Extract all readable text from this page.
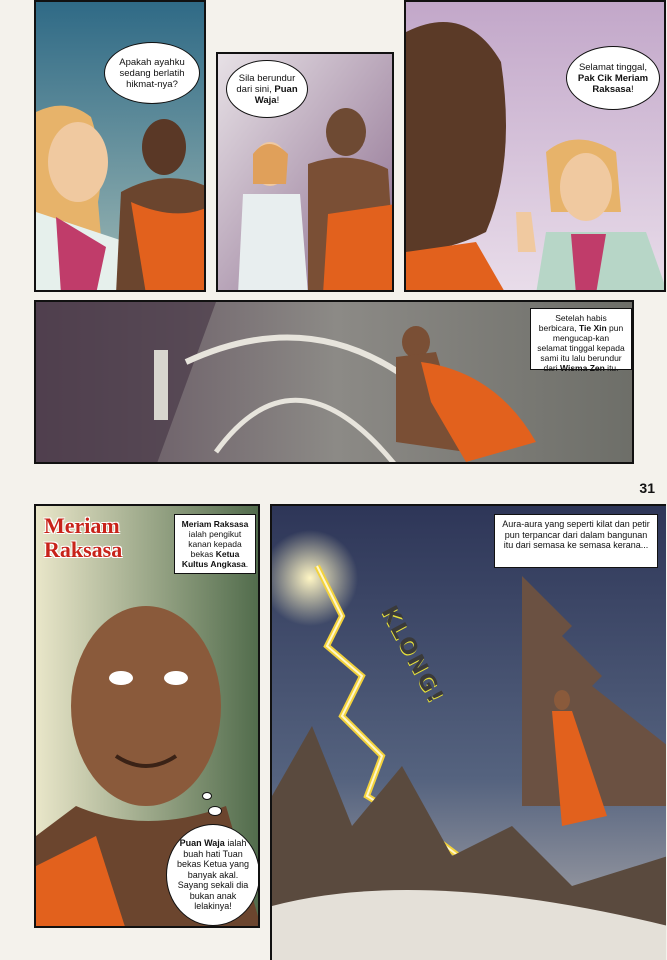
Apakah ayahku sedang berlatih hikmat-nya?
Sila berundur dari sini, Puan Waja!
Selamat tinggal, Pak Cik Meriam Raksasa!
Setelah habis berbicara, Tie Xin pun mengucap-kan selamat tinggal kepada sami itu lalu berundur dari Wisma Zen itu.
31
Meriam
Raksasa
Meriam Raksasa ialah pengikut kanan kepada bekas Ketua Kultus Angkasa.
Puan Waja ialah buah hati Tuan bekas Ketua yang banyak akal. Sayang sekali dia bukan anak lelakinya!
Aura-aura yang seperti kilat dan petir pun terpancar dari dalam bangunan itu dari semasa ke semasa kerana...
KLONG!
